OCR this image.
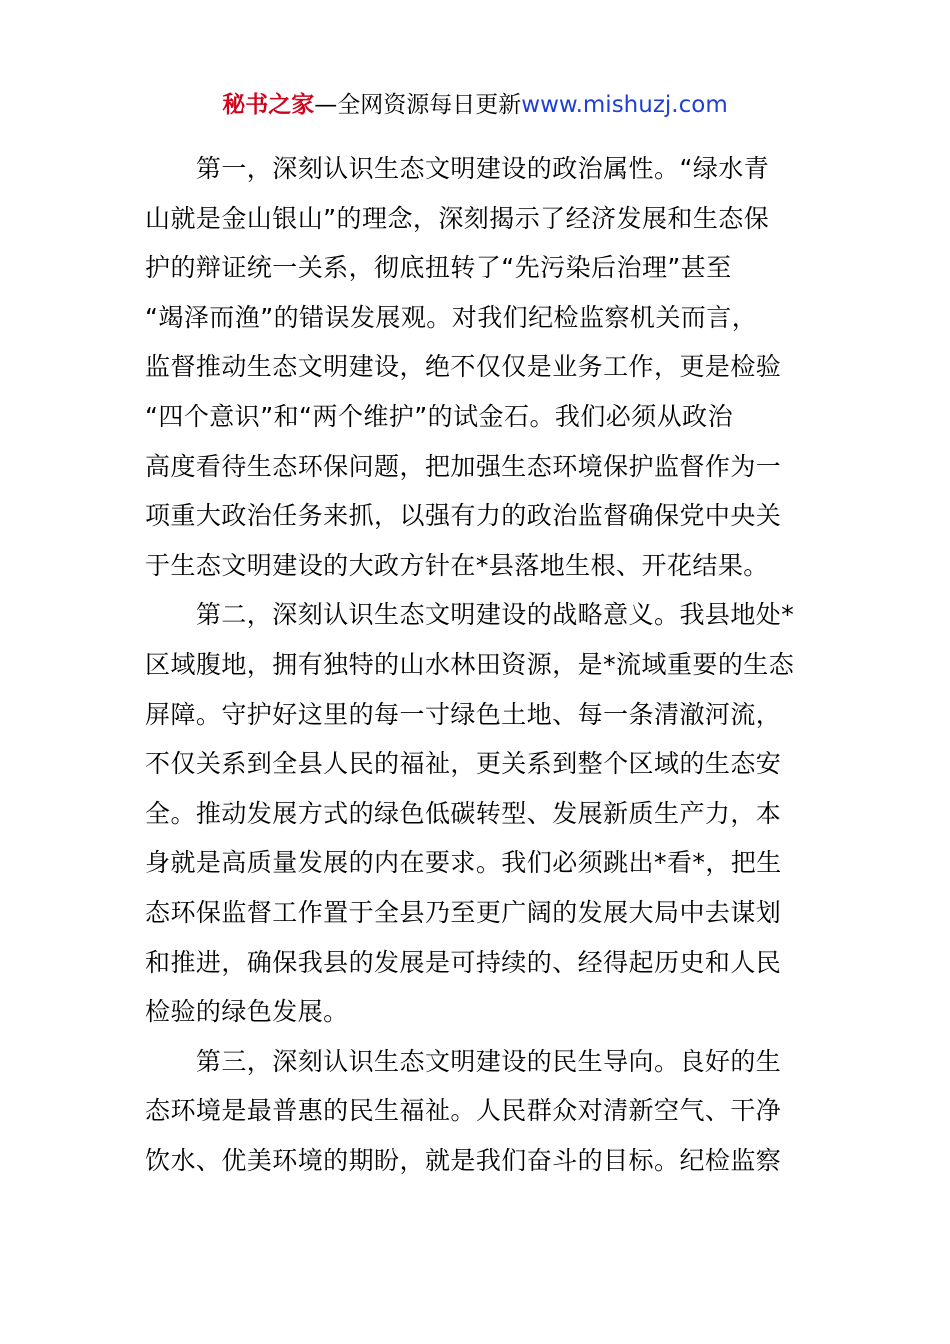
秘书之家—全网资源每日更新www.mishuzj.com

　　第一，深刻认识生态文明建设的政治属性。“绿水青

山就是金山银山”的理念，深刻揭示了经济发展和生态保

护的辩证统一关系，彻底扭转了“先污染后治理”甚至

“竭泽而渔”的错误发展观。对我们纪检监察机关而言，

监督推动生态文明建设，绝不仅仅是业务工作，更是检验

“四个意识”和“两个维护”的试金石。我们必须从政治

高度看待生态环保问题，把加强生态环境保护监督作为一

项重大政治任务来抓，以强有力的政治监督确保党中央关

于生态文明建设的大政方针在*县落地生根、开花结果。

　　第二，深刻认识生态文明建设的战略意义。我县地处*

区域腹地，拥有独特的山水林田资源，是*流域重要的生态

屏障。守护好这里的每一寸绿色土地、每一条清澈河流，

不仅关系到全县人民的福祉，更关系到整个区域的生态安

全。推动发展方式的绿色低碳转型、发展新质生产力，本

身就是高质量发展的内在要求。我们必须跳出*看*，把生

态环保监督工作置于全县乃至更广阔的发展大局中去谋划

和推进，确保我县的发展是可持续的、经得起历史和人民

检验的绿色发展。

　　第三，深刻认识生态文明建设的民生导向。良好的生

态环境是最普惠的民生福祉。人民群众对清新空气、干净

饮水、优美环境的期盼，就是我们奋斗的目标。纪检监察
